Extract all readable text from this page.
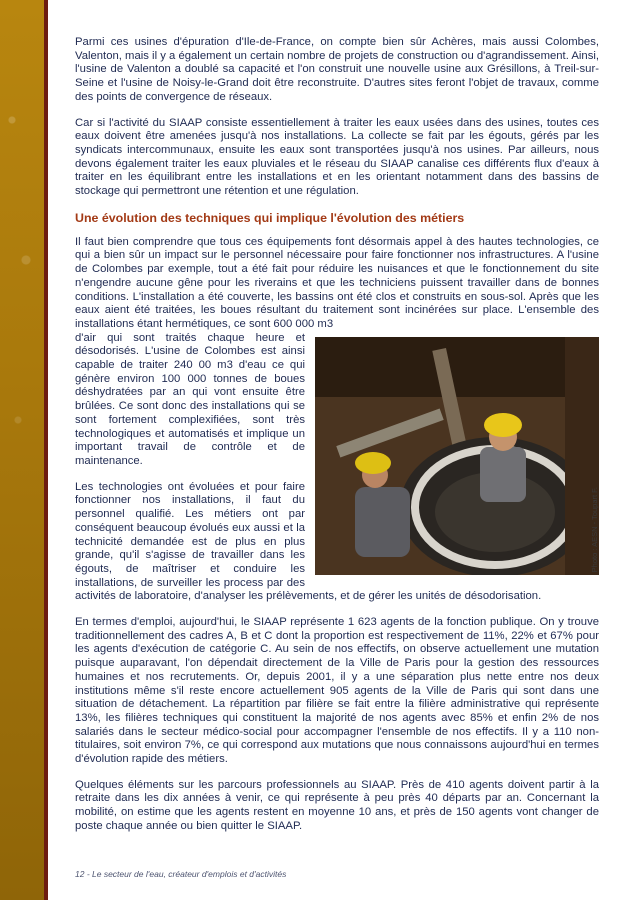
Parmi ces usines d'épuration d'Ile-de-France, on compte bien sûr Achères, mais aussi Colombes, Valenton, mais il y a également un certain nombre de projets de construction ou d'agrandissement. Ainsi, l'usine de Valenton a doublé sa capacité et l'on construit une nouvelle usine aux Grésillons, à Treil-sur-Seine et l'usine de Noisy-le-Grand doit être reconstruite. D'autres sites feront l'objet de travaux, comme des points de convergence de réseaux.

Car si l'activité du SIAAP consiste essentiellement à traiter les eaux usées dans des usines, toutes ces eaux doivent être amenées jusqu'à nos installations. La collecte se fait par les égouts, gérés par les syndicats intercommunaux, ensuite les eaux sont transportées jusqu'à nos usines. Par ailleurs, nous devons également traiter les eaux pluviales et le réseau du SIAAP canalise ces différents flux d'eaux à traiter en les équilibrant entre les installations et en les orientant notamment dans des bassins de stockage qui permettront une rétention et une régulation.

Une évolution des techniques qui implique l'évolution des métiers

Il faut bien comprendre que tous ces équipements font désormais appel à des hautes technologies, ce qui a bien sûr un impact sur le personnel nécessaire pour faire fonctionner nos infrastructures. A l'usine de Colombes par exemple, tout a été fait pour réduire les nuisances et que le fonctionnement du site n'engendre aucune gêne pour les riverains et que les techniciens puissent travailler dans de bonnes conditions. L'installation a été couverte, les bassins ont été clos et construits en sous-sol. Après que les eaux aient été traitées, les boues résultant du traitement sont incinérées sur place. L'ensemble des installations étant hermétiques, ce sont 600 000 m3

Photo : AESN - Toupart F.

d'air qui sont traités chaque heure et désodorisés. L'usine de Colombes est ainsi capable de traiter 240 00 m3 d'eau ce qui génère environ 100 000 tonnes de boues déshydratées par an qui vont ensuite être brûlées. Ce sont donc des installations qui se sont fortement complexifiées, sont très technologiques et automatisés et implique un important travail de contrôle et de maintenance.

Les technologies ont évoluées et pour faire fonctionner nos installations, il faut du personnel qualifié. Les métiers ont par conséquent beaucoup évolués eux aussi et la technicité demandée est de plus en plus grande, qu'il s'agisse de travailler dans les égouts, de maîtriser et conduire les installations, de surveiller les process par des activités de laboratoire, d'analyser les prélèvements, et de gérer les unités de désodorisation.

En termes d'emploi, aujourd'hui, le SIAAP représente 1 623 agents de la fonction publique. On y trouve traditionnellement des cadres A, B et C dont la proportion est respectivement de 11%, 22% et 67% pour les agents d'exécution de catégorie C. Au sein de nos effectifs, on observe actuellement une mutation puisque auparavant, l'on dépendait directement de la Ville de Paris pour la gestion des ressources humaines et nos recrutements. Or, depuis 2001, il y a une séparation plus nette entre nos deux institutions même s'il reste encore actuellement 905 agents de la Ville de Paris qui sont dans une situation de détachement. La répartition par filière se fait entre la filière administrative qui représente 13%, les filières techniques qui constituent la majorité de nos agents avec 85% et enfin 2% de nos salariés dans le secteur médico-social pour accompagner l'ensemble de nos effectifs. Il y a 110 non-titulaires, soit environ 7%, ce qui correspond aux mutations que nous connaissons aujourd'hui en termes d'évolution rapide des métiers.

Quelques éléments sur les parcours professionnels au SIAAP. Près de 410 agents doivent partir à la retraite dans les dix années à venir, ce qui représente à peu près 40 départs par an. Concernant la mobilité, on estime que les agents restent en moyenne 10 ans, et près de 150 agents vont changer de poste chaque année ou bien quitter le SIAAP.

12 - Le secteur de l'eau, créateur d'emplois et d'activités
